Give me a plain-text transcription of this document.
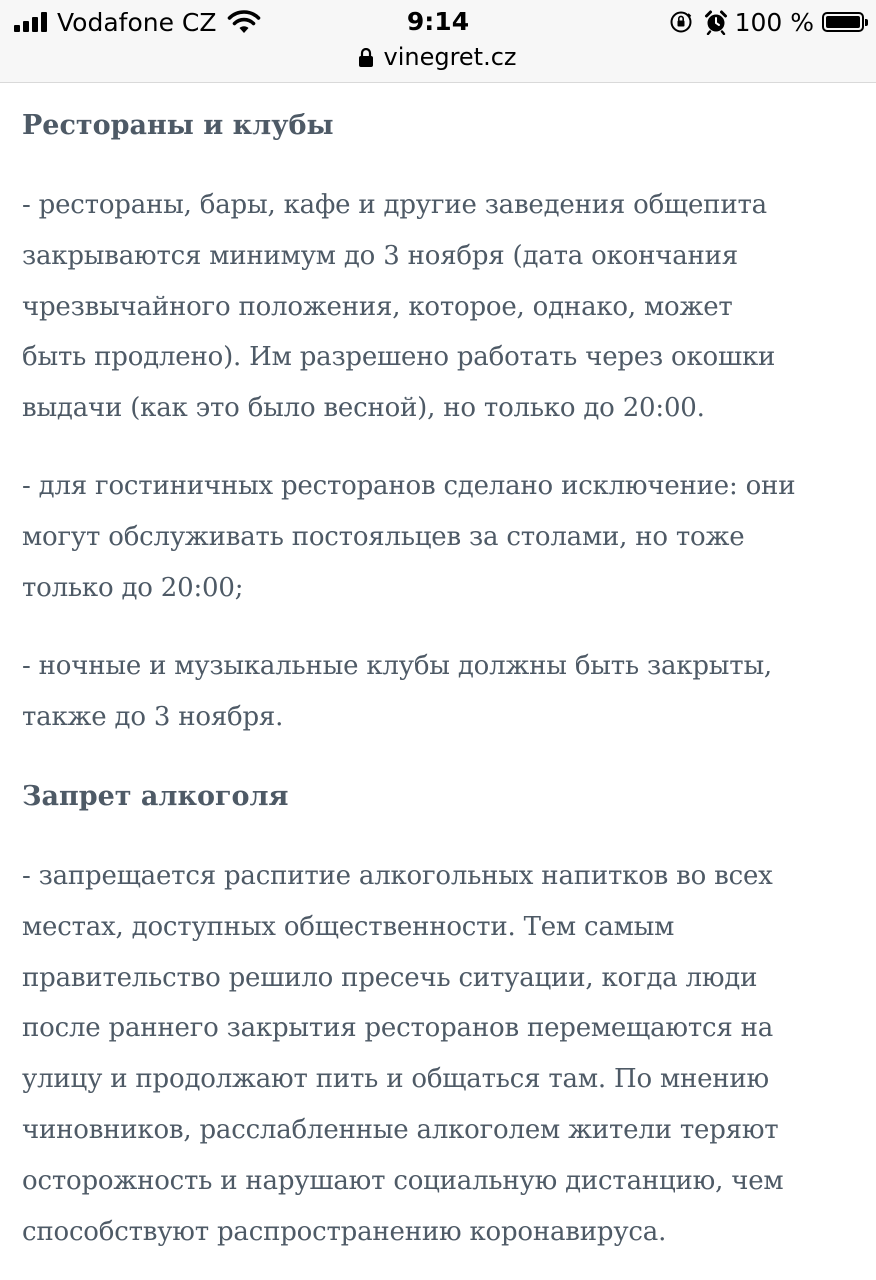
Vodafone CZ	9:14	100 %
vinegret.cz
Рестораны и клубы

- рестораны, бары, кафе и другие заведения общепита
закрываются минимум до 3 ноября (дата окончания
чрезвычайного положения, которое, однако, может
быть продлено). Им разрешено работать через окошки
выдачи (как это было весной), но только до 20:00.

- для гостиничных ресторанов сделано исключение: они
могут обслуживать постояльцев за столами, но тоже
только до 20:00;

- ночные и музыкальные клубы должны быть закрыты,
также до 3 ноября.

Запрет алкоголя

- запрещается распитие алкогольных напитков во всех
местах, доступных общественности. Тем самым
правительство решило пресечь ситуации, когда люди
после раннего закрытия ресторанов перемещаются на
улицу и продолжают пить и общаться там. По мнению
чиновников, расслабленные алкоголем жители теряют
осторожность и нарушают социальную дистанцию, чем
способствуют распространению коронавируса.
